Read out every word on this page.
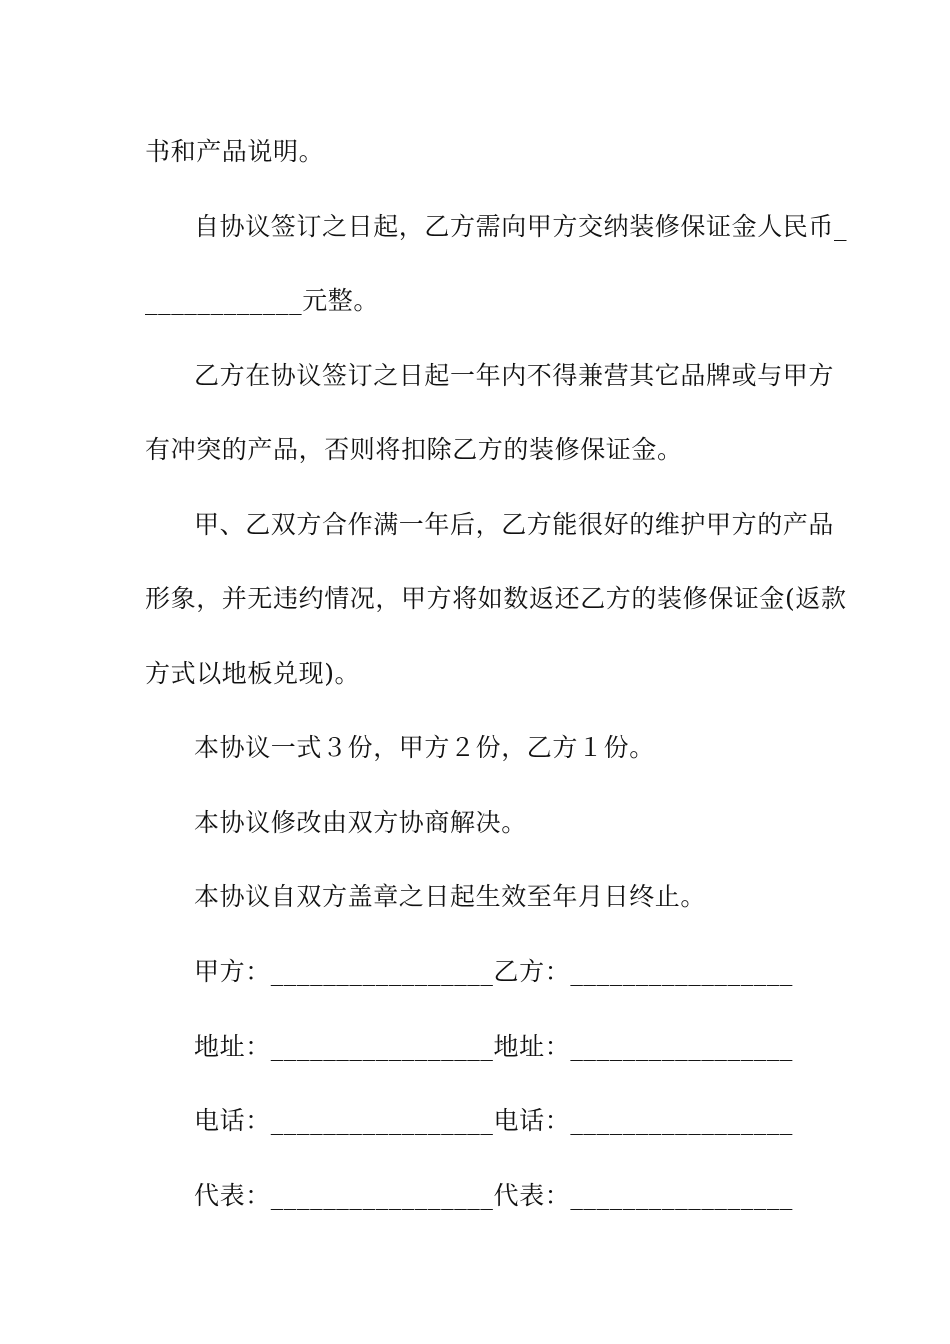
书和产品说明。
自协议签订之日起，乙方需向甲方交纳装修保证金人民币_
____________元整。
乙方在协议签订之日起一年内不得兼营其它品牌或与甲方
有冲突的产品，否则将扣除乙方的装修保证金。
甲、乙双方合作满一年后，乙方能很好的维护甲方的产品
形象，并无违约情况，甲方将如数返还乙方的装修保证金(返款
方式以地板兑现)。
本协议一式３份，甲方２份，乙方１份。
本协议修改由双方协商解决。
本协议自双方盖章之日起生效至年月日终止。
甲方：_________________乙方：_________________
地址：_________________地址：_________________
电话：_________________电话：_________________
代表：_________________代表：_________________
